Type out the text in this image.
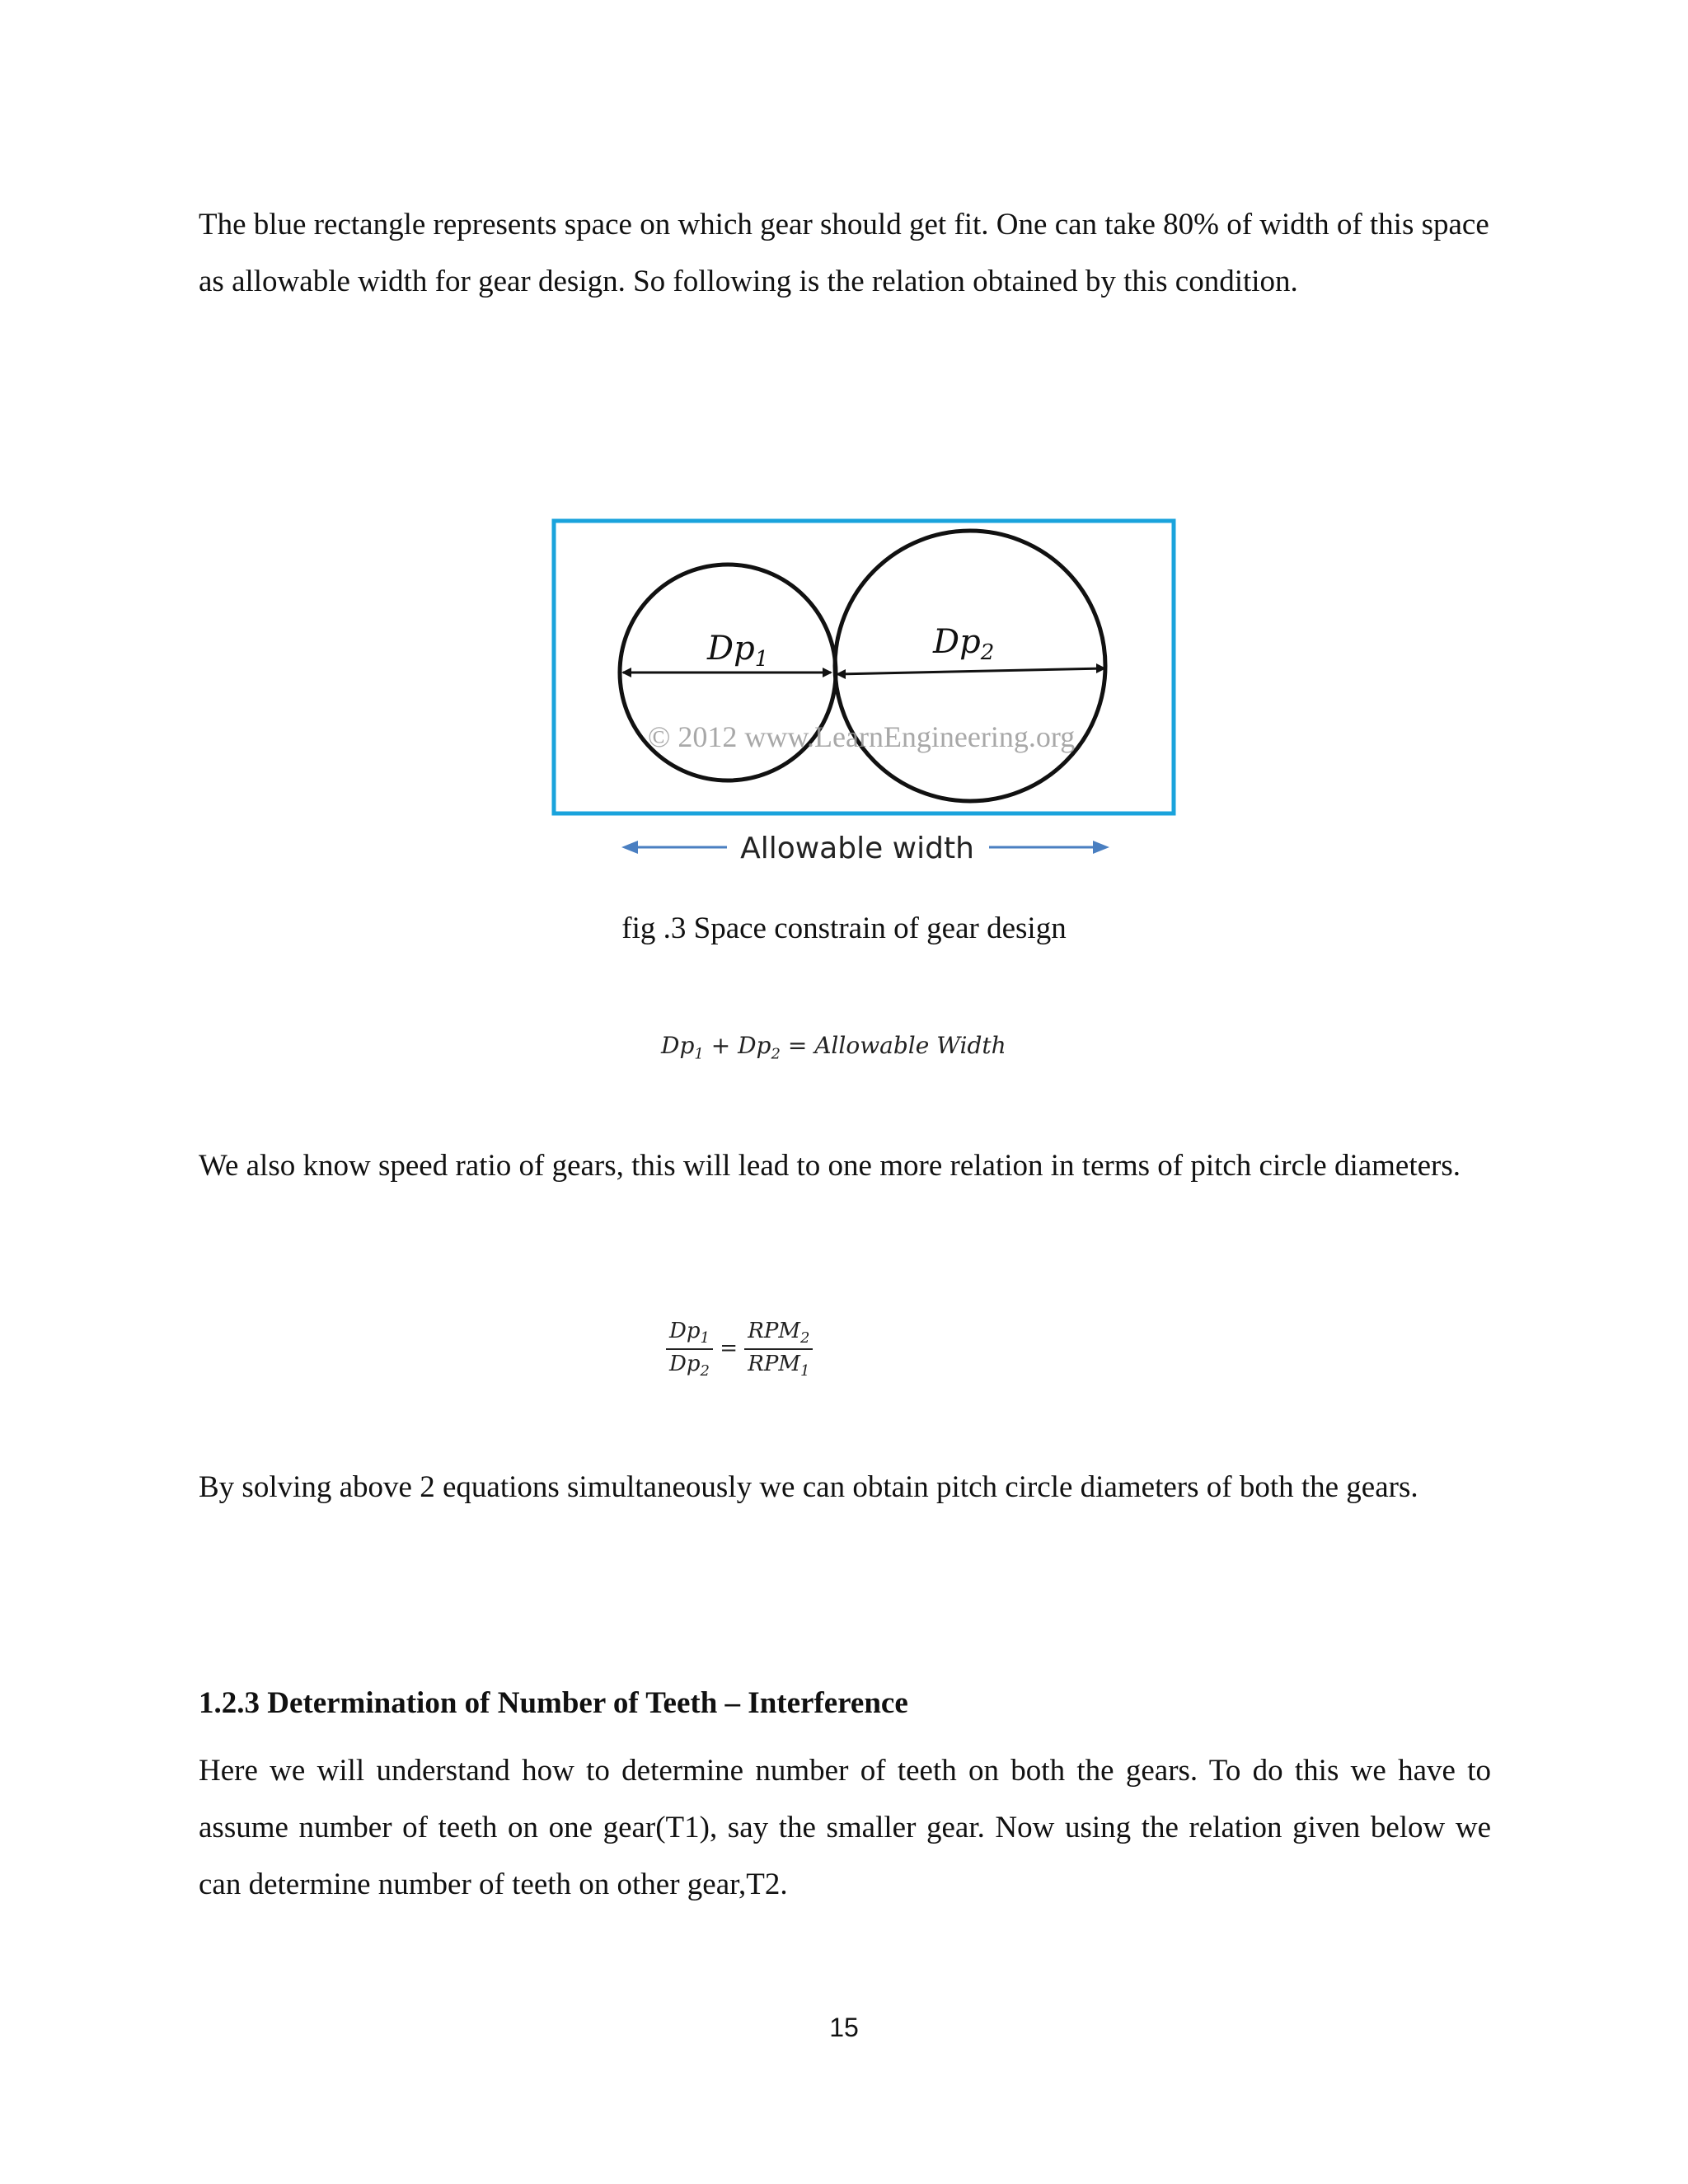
The blue rectangle represents space on which gear should get fit. One can take 80% of width of this space as allowable width for gear design. So following is the relation obtained by this condition.

$Dp_1$	$Dp_2$
© 2012 www.LearnEngineering.org
Allowable width

fig .3 Space constrain of gear design

$Dp_1 + Dp_2$ = Allowable Width

We also know speed ratio of gears, this will lead to one more relation in terms of pitch circle diameters.

$\frac{Dp_1}{Dp_2} = \frac{RPM_2}{RPM_1}$

By solving above 2 equations simultaneously we can obtain pitch circle diameters of both the gears.

1.2.3 Determination of Number of Teeth – Interference

Here we will understand how to determine number of teeth on both the gears. To do this we have to assume number of teeth on one gear(T1), say the smaller gear. Now using the relation given below we can determine number of teeth on other gear,T2.

15
